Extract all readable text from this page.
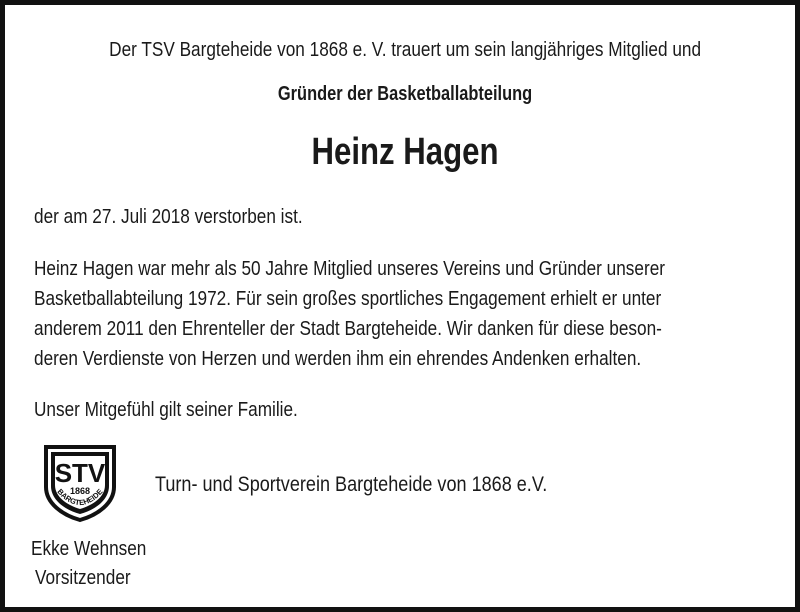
Der TSV Bargteheide von 1868 e. V. trauert um sein langjähriges Mitglied und
Gründer der Basketballabteilung
Heinz Hagen
der am 27. Juli 2018 verstorben ist.
Heinz Hagen war mehr als 50 Jahre Mitglied unseres Vereins und Gründer unserer
Basketballabteilung 1972. Für sein großes sportliches Engagement erhielt er unter
anderem 2011 den Ehrenteller der Stadt Bargteheide. Wir danken für diese beson-
deren Verdienste von Herzen und werden ihm ein ehrendes Andenken erhalten.
Unser Mitgefühl gilt seiner Familie.
STV
1868
BARGTEHEIDE Turn- und Sportverein Bargteheide von 1868 e.V.
Ekke Wehnsen
Vorsitzender
